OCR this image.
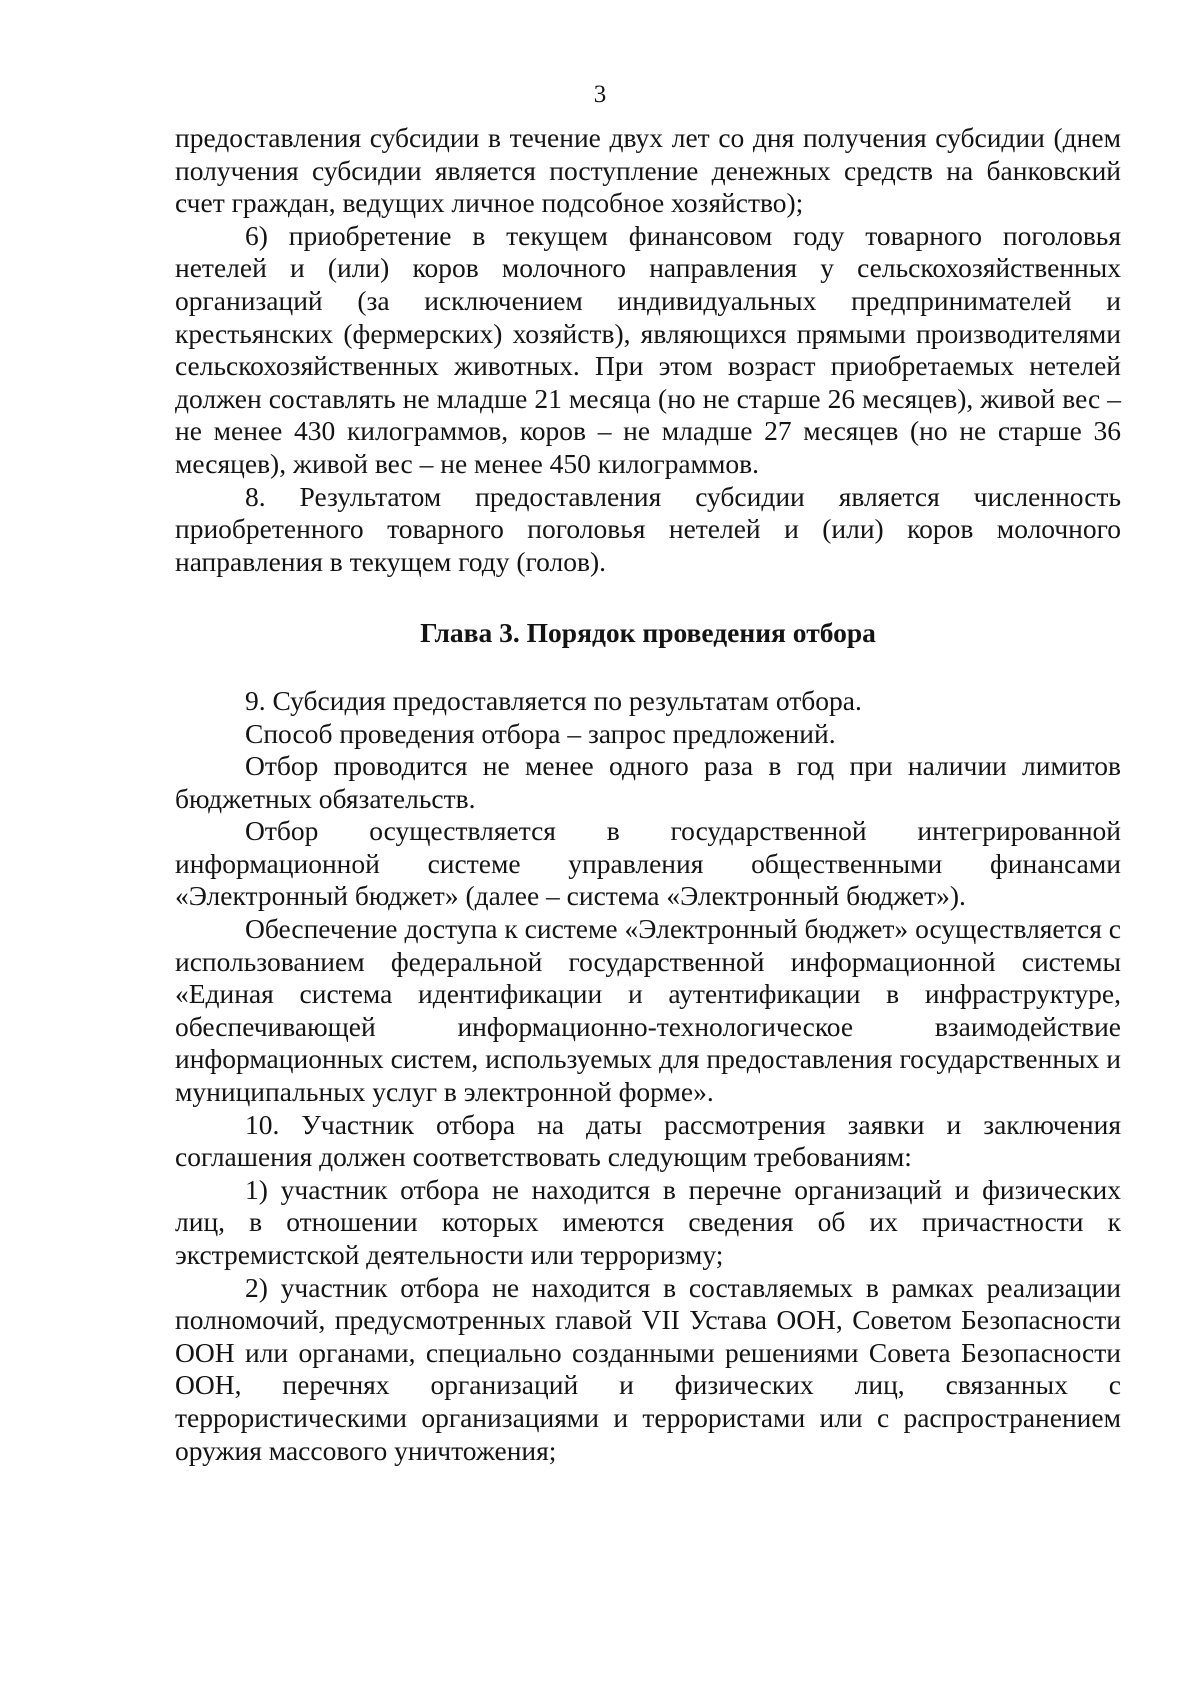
3

предоставления субсидии в течение двух лет со дня получения субсидии (днем получения субсидии является поступление денежных средств на банковский счет граждан, ведущих личное подсобное хозяйство);

6) приобретение в текущем финансовом году товарного поголовья нетелей и (или) коров молочного направления у сельскохозяйственных организаций (за исключением индивидуальных предпринимателей и крестьянских (фермерских) хозяйств), являющихся прямыми производителями сельскохозяйственных животных. При этом возраст приобретаемых нетелей должен составлять не младше 21 месяца (но не старше 26 месяцев), живой вес – не менее 430 килограммов, коров – не младше 27 месяцев (но не старше 36 месяцев), живой вес – не менее 450 килограммов.

8. Результатом предоставления субсидии является численность приобретенного товарного поголовья нетелей и (или) коров молочного направления в текущем году (голов).

Глава 3. Порядок проведения отбора

9. Субсидия предоставляется по результатам отбора.

Способ проведения отбора – запрос предложений.

Отбор проводится не менее одного раза в год при наличии лимитов бюджетных обязательств.

Отбор осуществляется в государственной интегрированной информационной системе управления общественными финансами «Электронный бюджет» (далее – система «Электронный бюджет»).

Обеспечение доступа к системе «Электронный бюджет» осуществляется с использованием федеральной государственной информационной системы «Единая система идентификации и аутентификации в инфраструктуре, обеспечивающей информационно-технологическое взаимодействие информационных систем, используемых для предоставления государственных и муниципальных услуг в электронной форме».

10. Участник отбора на даты рассмотрения заявки и заключения соглашения должен соответствовать следующим требованиям:

1) участник отбора не находится в перечне организаций и физических лиц, в отношении которых имеются сведения об их причастности к экстремистской деятельности или терроризму;

2) участник отбора не находится в составляемых в рамках реализации полномочий, предусмотренных главой VII Устава ООН, Советом Безопасности ООН или органами, специально созданными решениями Совета Безопасности ООН, перечнях организаций и физических лиц, связанных с террористическими организациями и террористами или с распространением оружия массового уничтожения;
